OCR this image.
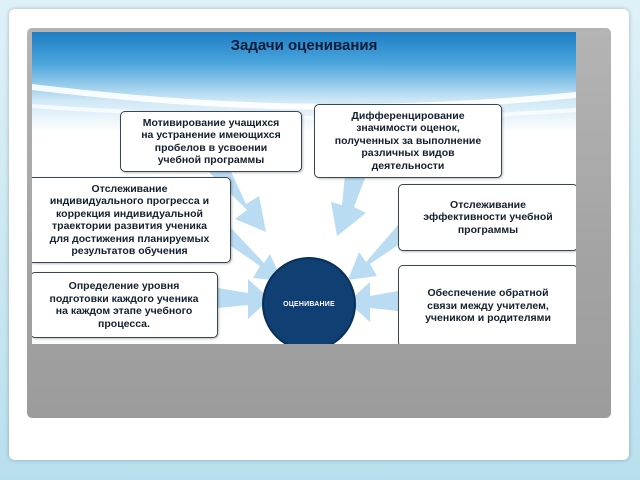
Задачи оценивания
Мотивирование учащихся
на устранение имеющихся
пробелов в усвоении
учебной программы
Дифференцирование
значимости оценок,
полученных за выполнение
различных видов
деятельности
Отслеживание
индивидуального прогресса и
коррекция индивидуальной
траектории развития ученика
для достижения планируемых
результатов обучения
Отслеживание
эффективности учебной
программы
Определение уровня
подготовки каждого ученика
на каждом этапе учебного
процесса.
Обеспечение обратной
связи между учителем,
учеником и родителями
ОЦЕНИВАНИЕ
